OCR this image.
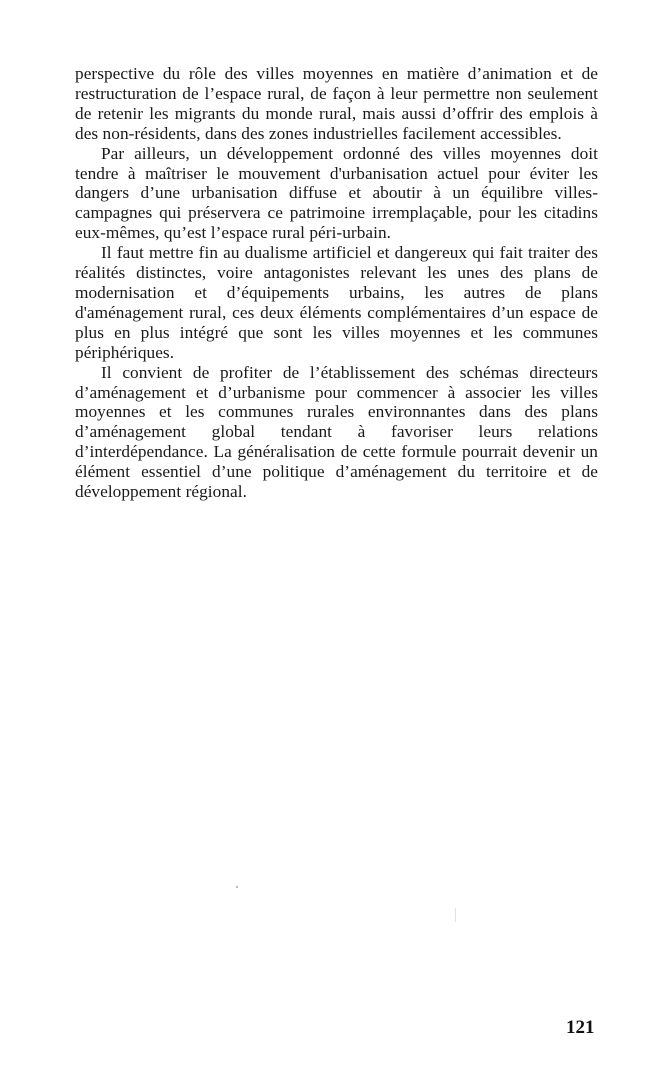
perspective du rôle des villes moyennes en matière d’animation et de restructuration de l’espace rural, de façon à leur permettre non seulement de retenir les migrants du monde rural, mais aussi d’offrir des emplois à des non-résidents, dans des zones industrielles facilement accessibles.

Par ailleurs, un développement ordonné des villes moyennes doit tendre à maîtriser le mouvement d'urbanisation actuel pour éviter les dangers d’une urbanisation diffuse et aboutir à un équilibre villes-campagnes qui préservera ce patrimoine irremplaçable, pour les citadins eux-mêmes, qu’est l’espace rural péri-urbain.

Il faut mettre fin au dualisme artificiel et dangereux qui fait traiter des réalités distinctes, voire antagonistes relevant les unes des plans de modernisation et d’équipements urbains, les autres de plans d'aménagement rural, ces deux éléments complémentaires d’un espace de plus en plus intégré que sont les villes moyennes et les communes périphériques.

Il convient de profiter de l’établissement des schémas directeurs d’aménagement et d’urbanisme pour commencer à associer les villes moyennes et les communes rurales environnantes dans des plans d’aménagement global tendant à favoriser leurs relations d’interdépendance. La généralisation de cette formule pourrait devenir un élément essentiel d’une politique d’aménagement du territoire et de développement régional.

121
